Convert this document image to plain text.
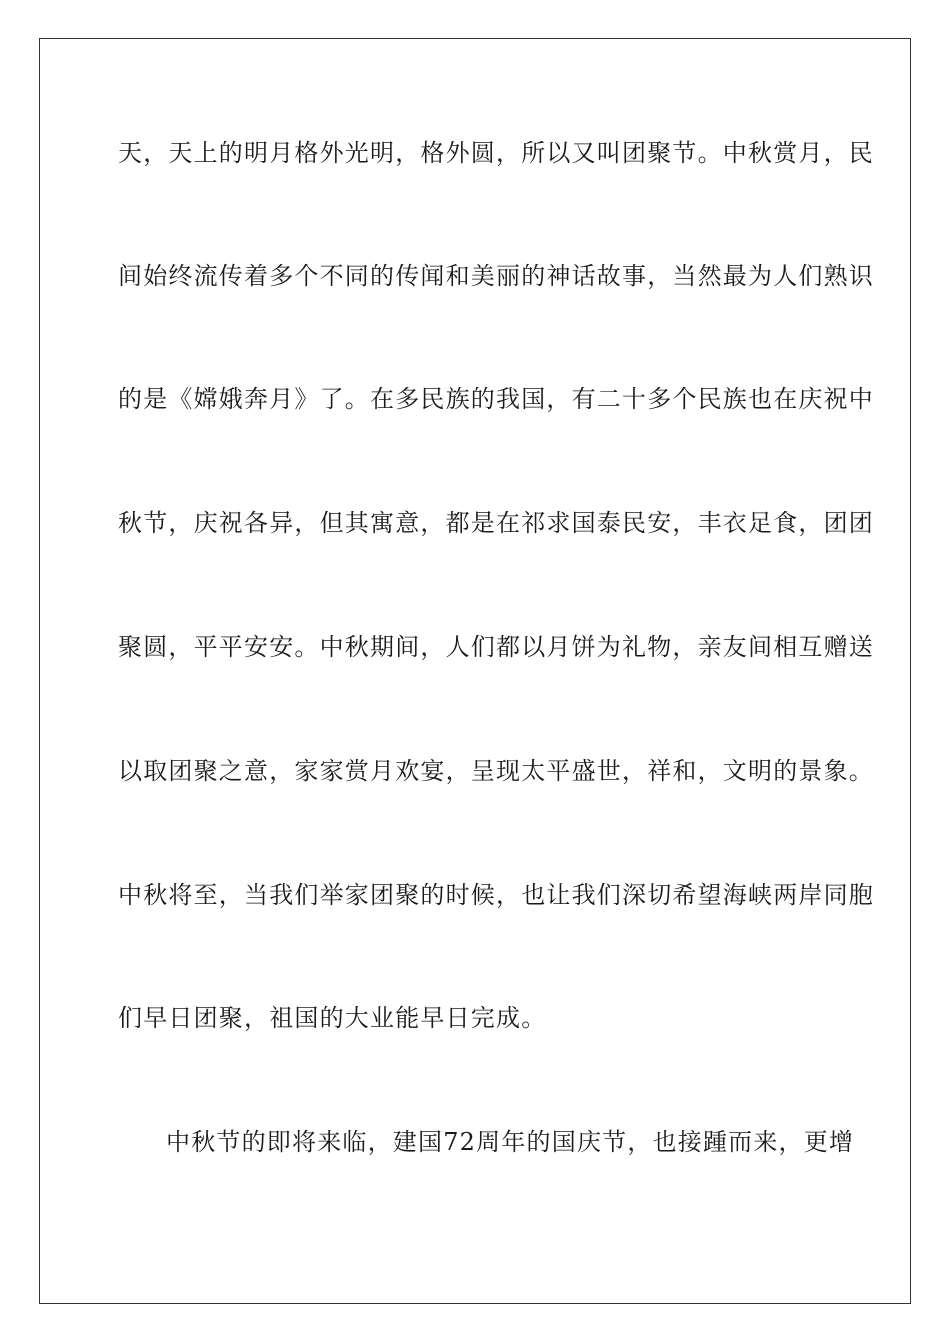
天，天上的明月格外光明，格外圆，所以又叫团聚节。中秋赏月，民
间始终流传着多个不同的传闻和美丽的神话故事，当然最为人们熟识
的是《嫦娥奔月》了。在多民族的我国，有二十多个民族也在庆祝中
秋节，庆祝各异，但其寓意，都是在祁求国泰民安，丰衣足食，团团
聚圆，平平安安。中秋期间，人们都以月饼为礼物，亲友间相互赠送
以取团聚之意，家家赏月欢宴，呈现太平盛世，祥和，文明的景象。
中秋将至，当我们举家团聚的时候，也让我们深切希望海峡两岸同胞
们早日团聚，祖国的大业能早日完成。
中秋节的即将来临，建国72周年的国庆节，也接踵而来，更增
